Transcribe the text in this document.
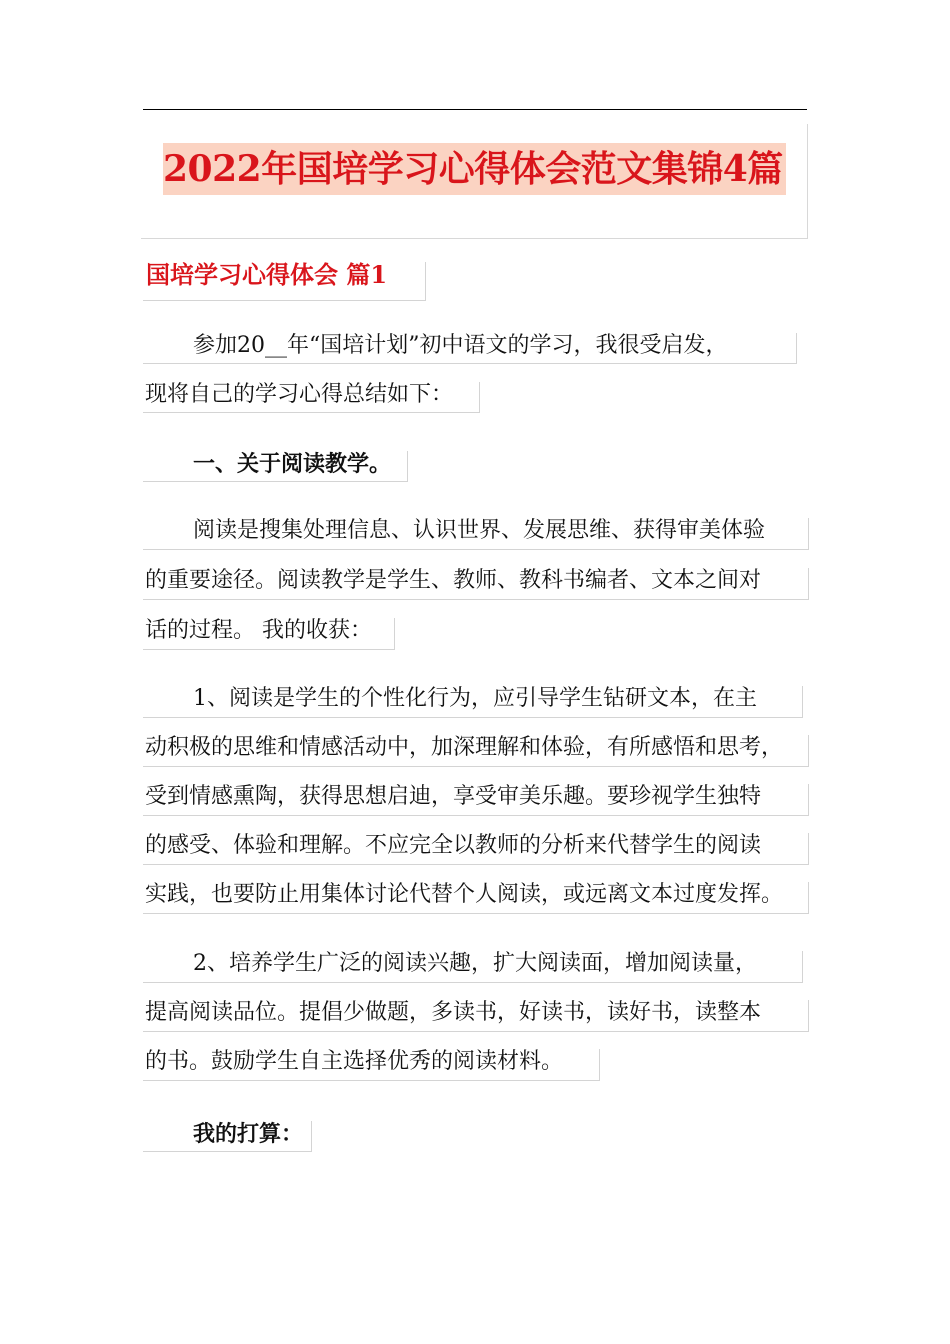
2022年国培学习心得体会范文集锦4篇
国培学习心得体会 篇1
参加20__年“国培计划”初中语文的学习，我很受启发，
现将自己的学习心得总结如下：
一、关于阅读教学。
阅读是搜集处理信息、认识世界、发展思维、获得审美体验
的重要途径。阅读教学是学生、教师、教科书编者、文本之间对
话的过程。 我的收获：
1、阅读是学生的个性化行为，应引导学生钻研文本，在主
动积极的思维和情感活动中，加深理解和体验，有所感悟和思考，
受到情感熏陶，获得思想启迪，享受审美乐趣。要珍视学生独特
的感受、体验和理解。不应完全以教师的分析来代替学生的阅读
实践，也要防止用集体讨论代替个人阅读，或远离文本过度发挥。
2、培养学生广泛的阅读兴趣，扩大阅读面，增加阅读量，
提高阅读品位。提倡少做题，多读书，好读书，读好书，读整本
的书。鼓励学生自主选择优秀的阅读材料。
我的打算：
